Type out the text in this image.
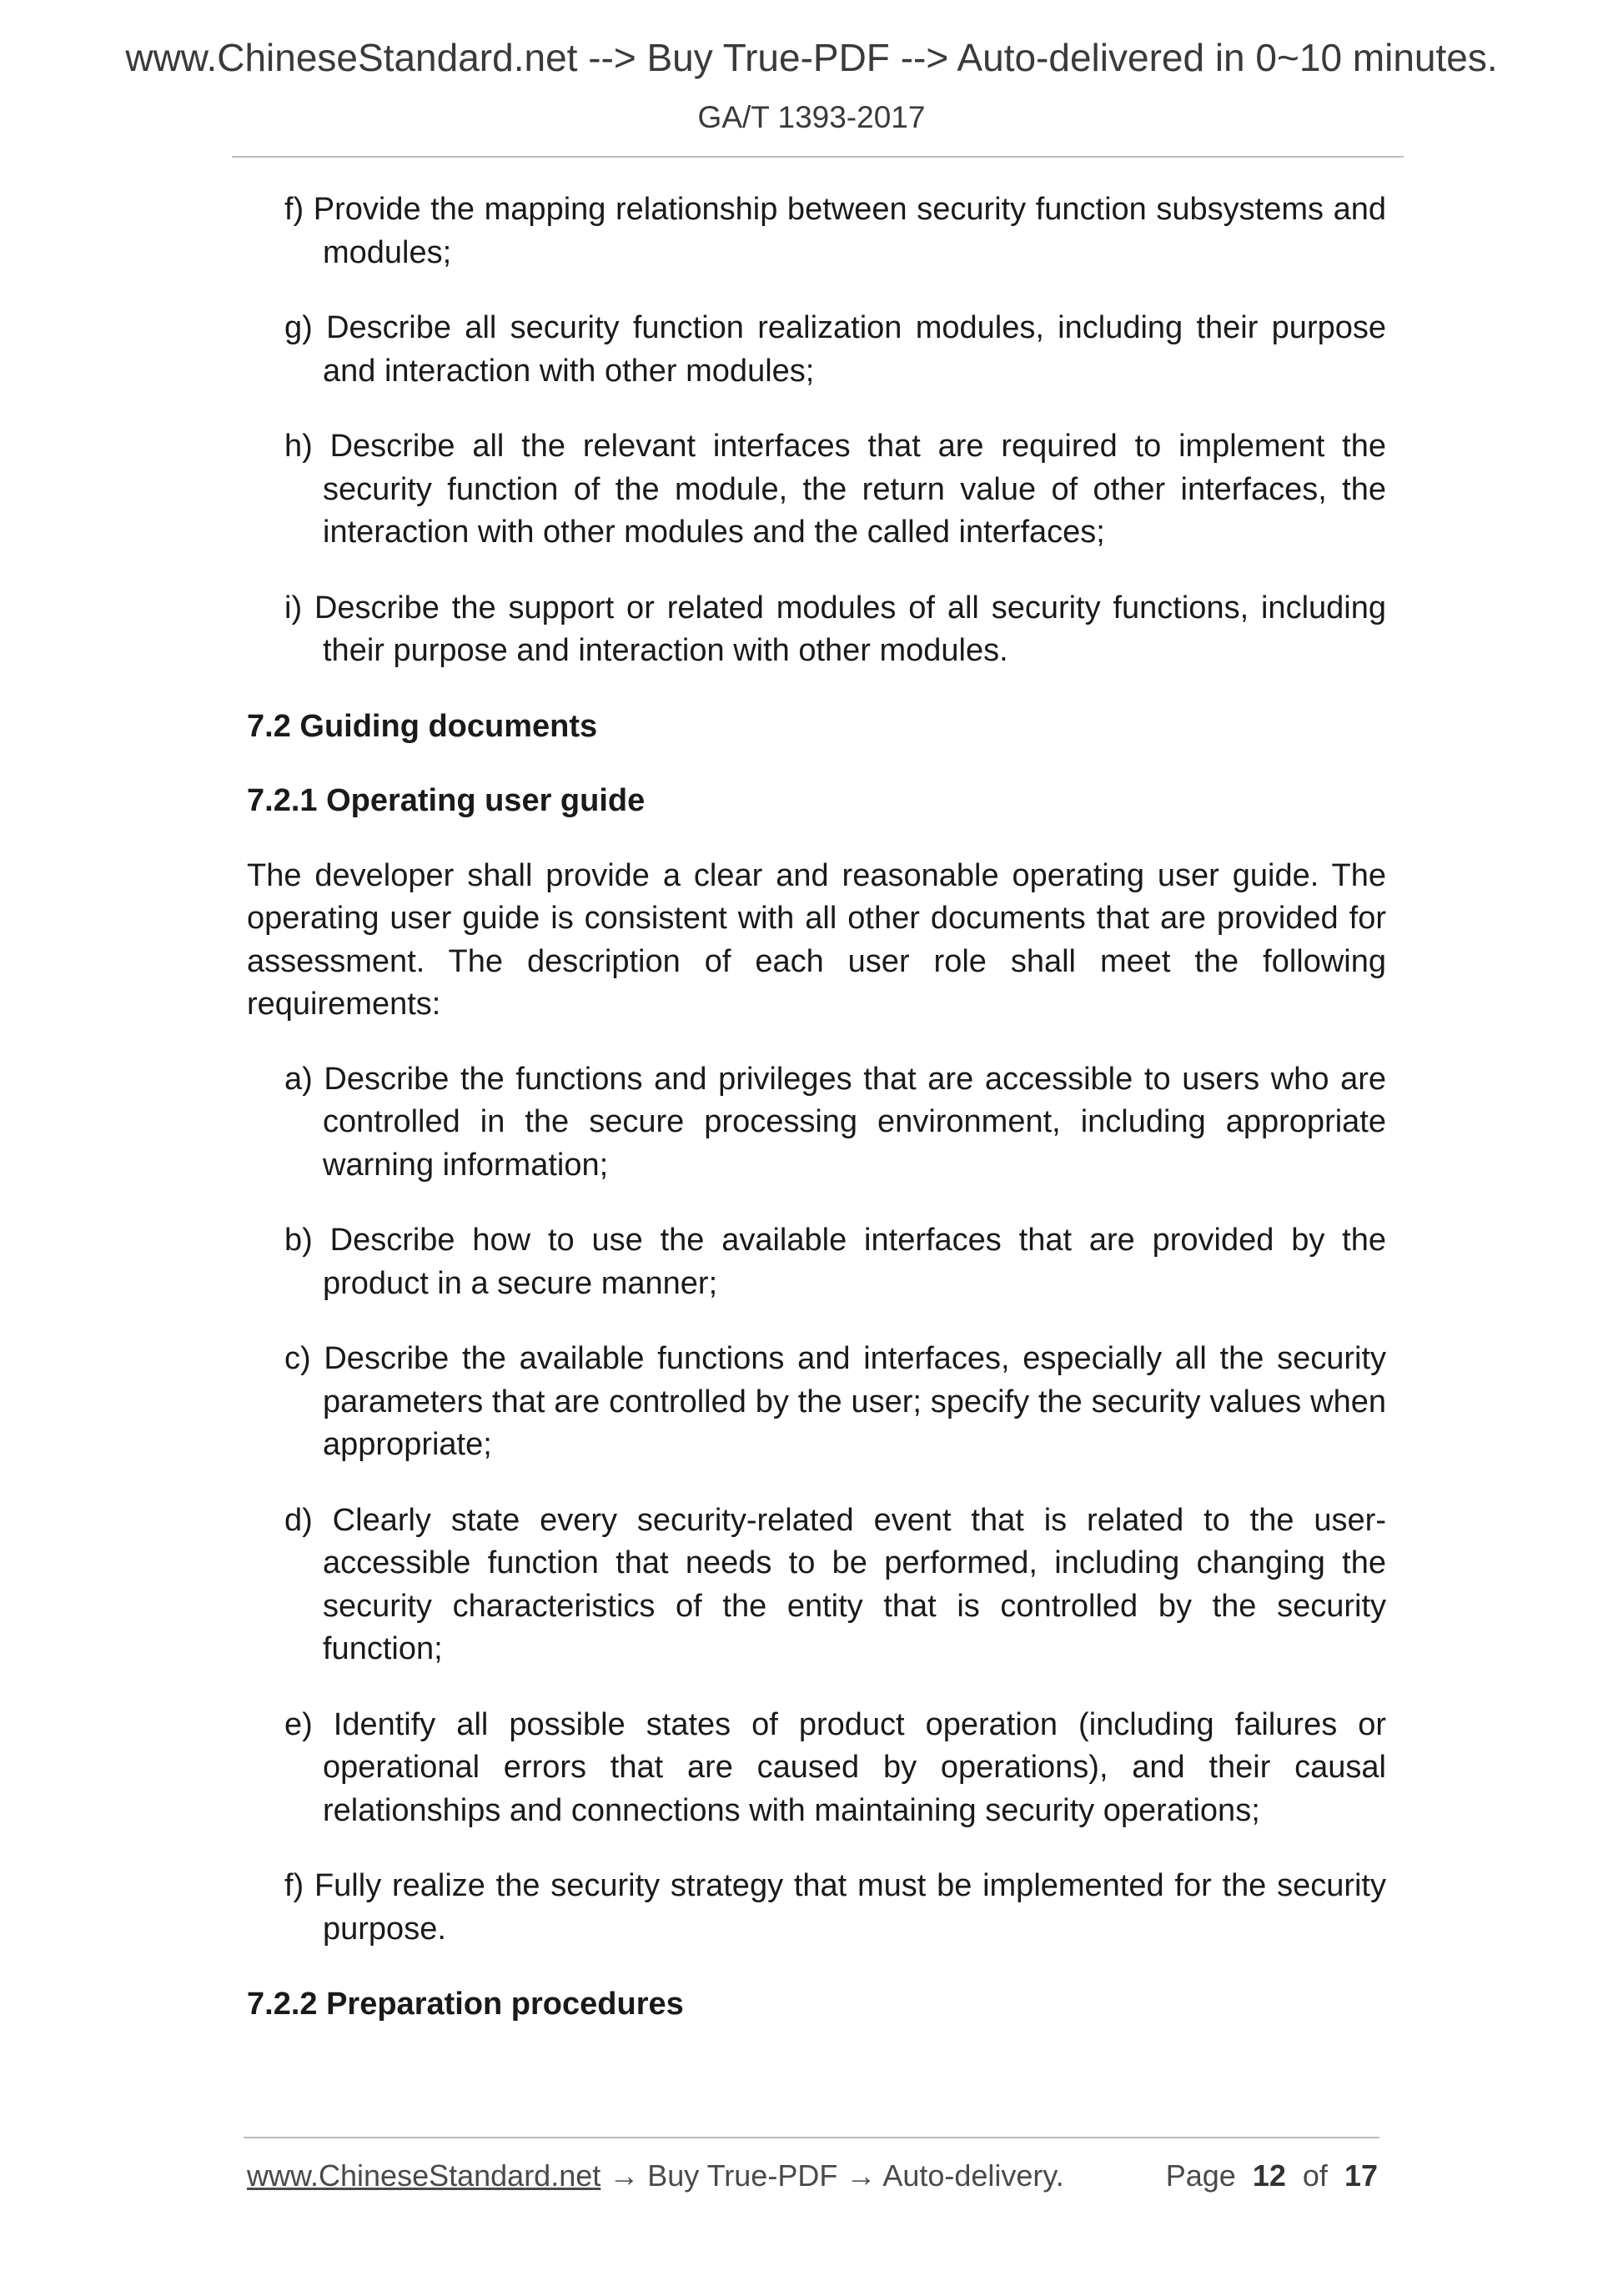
www.ChineseStandard.net --> Buy True-PDF --> Auto-delivered in 0~10 minutes.
GA/T 1393-2017

f) Provide the mapping relationship between security function subsystems and modules;

g) Describe all security function realization modules, including their purpose and interaction with other modules;

h) Describe all the relevant interfaces that are required to implement the security function of the module, the return value of other interfaces, the interaction with other modules and the called interfaces;

i) Describe the support or related modules of all security functions, including their purpose and interaction with other modules.

7.2 Guiding documents

7.2.1 Operating user guide

The developer shall provide a clear and reasonable operating user guide. The operating user guide is consistent with all other documents that are provided for assessment. The description of each user role shall meet the following requirements:

a) Describe the functions and privileges that are accessible to users who are controlled in the secure processing environment, including appropriate warning information;

b) Describe how to use the available interfaces that are provided by the product in a secure manner;

c) Describe the available functions and interfaces, especially all the security parameters that are controlled by the user; specify the security values when appropriate;

d) Clearly state every security-related event that is related to the user-accessible function that needs to be performed, including changing the security characteristics of the entity that is controlled by the security function;

e) Identify all possible states of product operation (including failures or operational errors that are caused by operations), and their causal relationships and connections with maintaining security operations;

f) Fully realize the security strategy that must be implemented for the security purpose.

7.2.2 Preparation procedures

www.ChineseStandard.net → Buy True-PDF → Auto-delivery.	Page 12 of 17
